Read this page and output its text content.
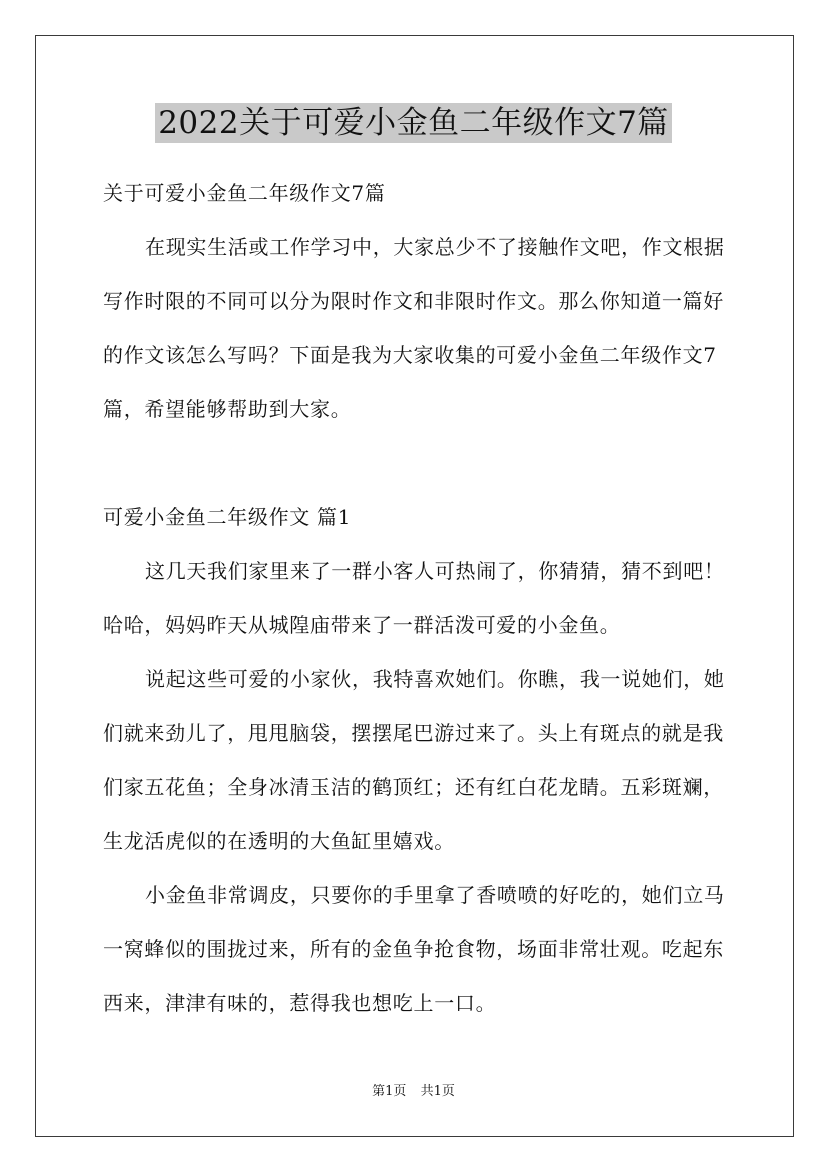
2022关于可爱小金鱼二年级作文7篇
关于可爱小金鱼二年级作文7篇
在现实生活或工作学习中，大家总少不了接触作文吧，作文根据
写作时限的不同可以分为限时作文和非限时作文。那么你知道一篇好
的作文该怎么写吗？下面是我为大家收集的可爱小金鱼二年级作文7
篇，希望能够帮助到大家。
可爱小金鱼二年级作文 篇1
这几天我们家里来了一群小客人可热闹了，你猜猜，猜不到吧！
哈哈，妈妈昨天从城隍庙带来了一群活泼可爱的小金鱼。
说起这些可爱的小家伙，我特喜欢她们。你瞧，我一说她们，她
们就来劲儿了，甩甩脑袋，摆摆尾巴游过来了。头上有斑点的就是我
们家五花鱼；全身冰清玉洁的鹤顶红；还有红白花龙睛。五彩斑斓，
生龙活虎似的在透明的大鱼缸里嬉戏。
小金鱼非常调皮，只要你的手里拿了香喷喷的好吃的，她们立马
一窝蜂似的围拢过来，所有的金鱼争抢食物，场面非常壮观。吃起东
西来，津津有味的，惹得我也想吃上一口。
第1页 共1页
